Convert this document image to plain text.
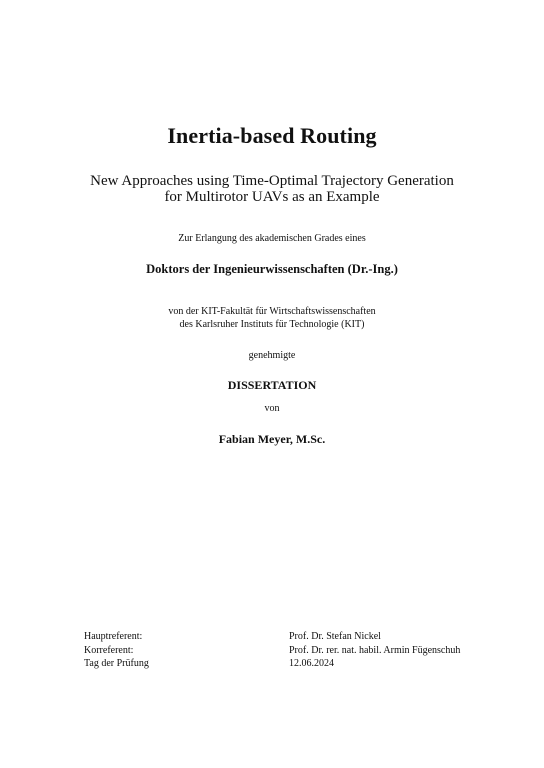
Inertia-based Routing
New Approaches using Time-Optimal Trajectory Generation
for Multirotor UAVs as an Example
Zur Erlangung des akademischen Grades eines
Doktors der Ingenieurwissenschaften (Dr.-Ing.)
von der KIT-Fakultät für Wirtschaftswissenschaften
des Karlsruher Instituts für Technologie (KIT)
genehmigte
DISSERTATION
von
Fabian Meyer, M.Sc.
Hauptreferent:	Prof. Dr. Stefan Nickel
Korreferent:	Prof. Dr. rer. nat. habil. Armin Fügenschuh
Tag der Prüfung	12.06.2024
